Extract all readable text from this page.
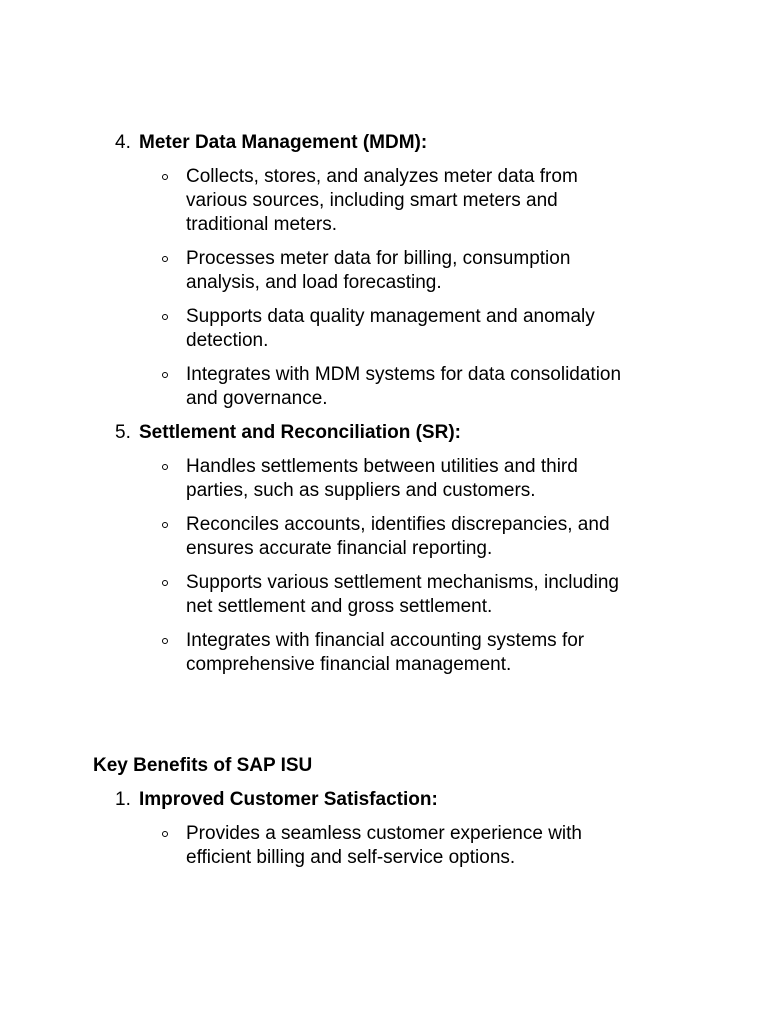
4. Meter Data Management (MDM):
Collects, stores, and analyzes meter data from various sources, including smart meters and traditional meters.
Processes meter data for billing, consumption analysis, and load forecasting.
Supports data quality management and anomaly detection.
Integrates with MDM systems for data consolidation and governance.
5. Settlement and Reconciliation (SR):
Handles settlements between utilities and third parties, such as suppliers and customers.
Reconciles accounts, identifies discrepancies, and ensures accurate financial reporting.
Supports various settlement mechanisms, including net settlement and gross settlement.
Integrates with financial accounting systems for comprehensive financial management.
Key Benefits of SAP ISU
1. Improved Customer Satisfaction:
Provides a seamless customer experience with efficient billing and self-service options.
